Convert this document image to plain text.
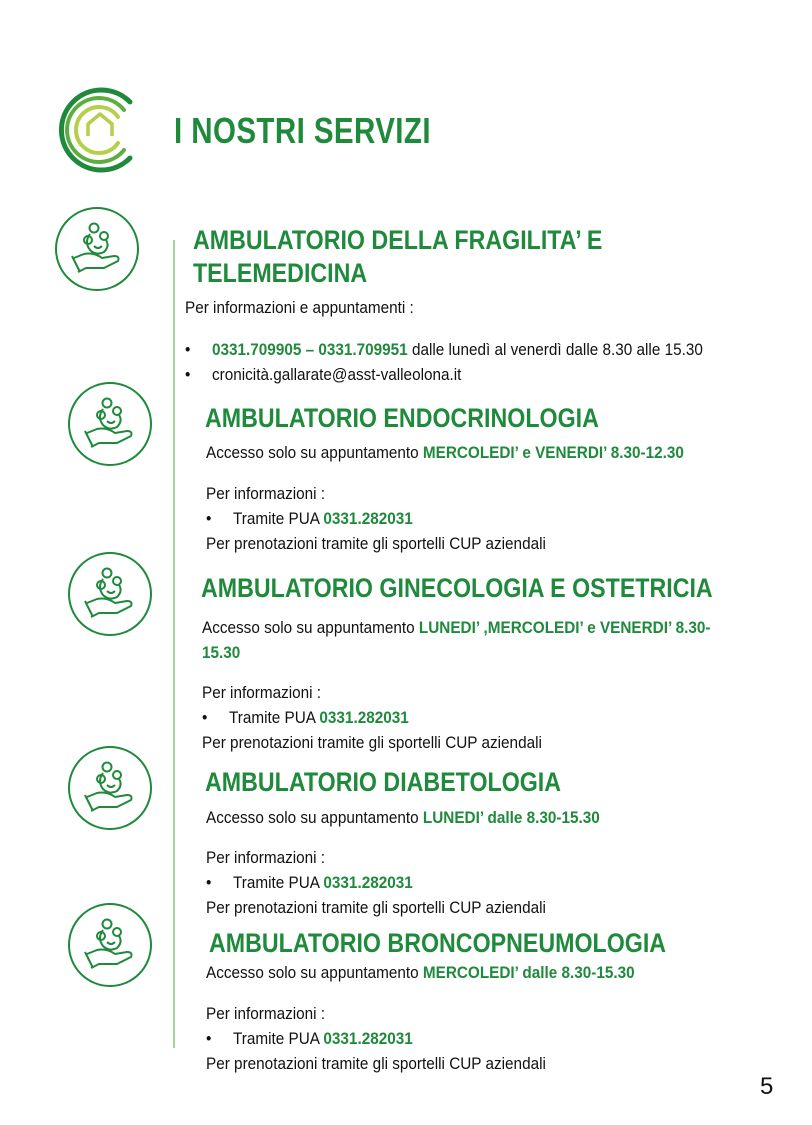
I NOSTRI SERVIZI
AMBULATORIO DELLA FRAGILITA’ E
TELEMEDICINA
Per informazioni e appuntamenti :
• 0331.709905 – 0331.709951 dalle lunedì al venerdì dalle 8.30 alle 15.30
• cronicità.gallarate@asst-valleolona.it
AMBULATORIO ENDOCRINOLOGIA
Accesso solo su appuntamento MERCOLEDI’ e VENERDI’ 8.30-12.30
Per informazioni :
• Tramite PUA 0331.282031
Per prenotazioni tramite gli sportelli CUP aziendali
AMBULATORIO GINECOLOGIA E OSTETRICIA
Accesso solo su appuntamento LUNEDI’ ,MERCOLEDI’ e VENERDI’ 8.30-
15.30
Per informazioni :
• Tramite PUA 0331.282031
Per prenotazioni tramite gli sportelli CUP aziendali
AMBULATORIO DIABETOLOGIA
Accesso solo su appuntamento LUNEDI’ dalle 8.30-15.30
Per informazioni :
• Tramite PUA 0331.282031
Per prenotazioni tramite gli sportelli CUP aziendali
AMBULATORIO BRONCOPNEUMOLOGIA
Accesso solo su appuntamento MERCOLEDI’ dalle 8.30-15.30
Per informazioni :
• Tramite PUA 0331.282031
Per prenotazioni tramite gli sportelli CUP aziendali
5
